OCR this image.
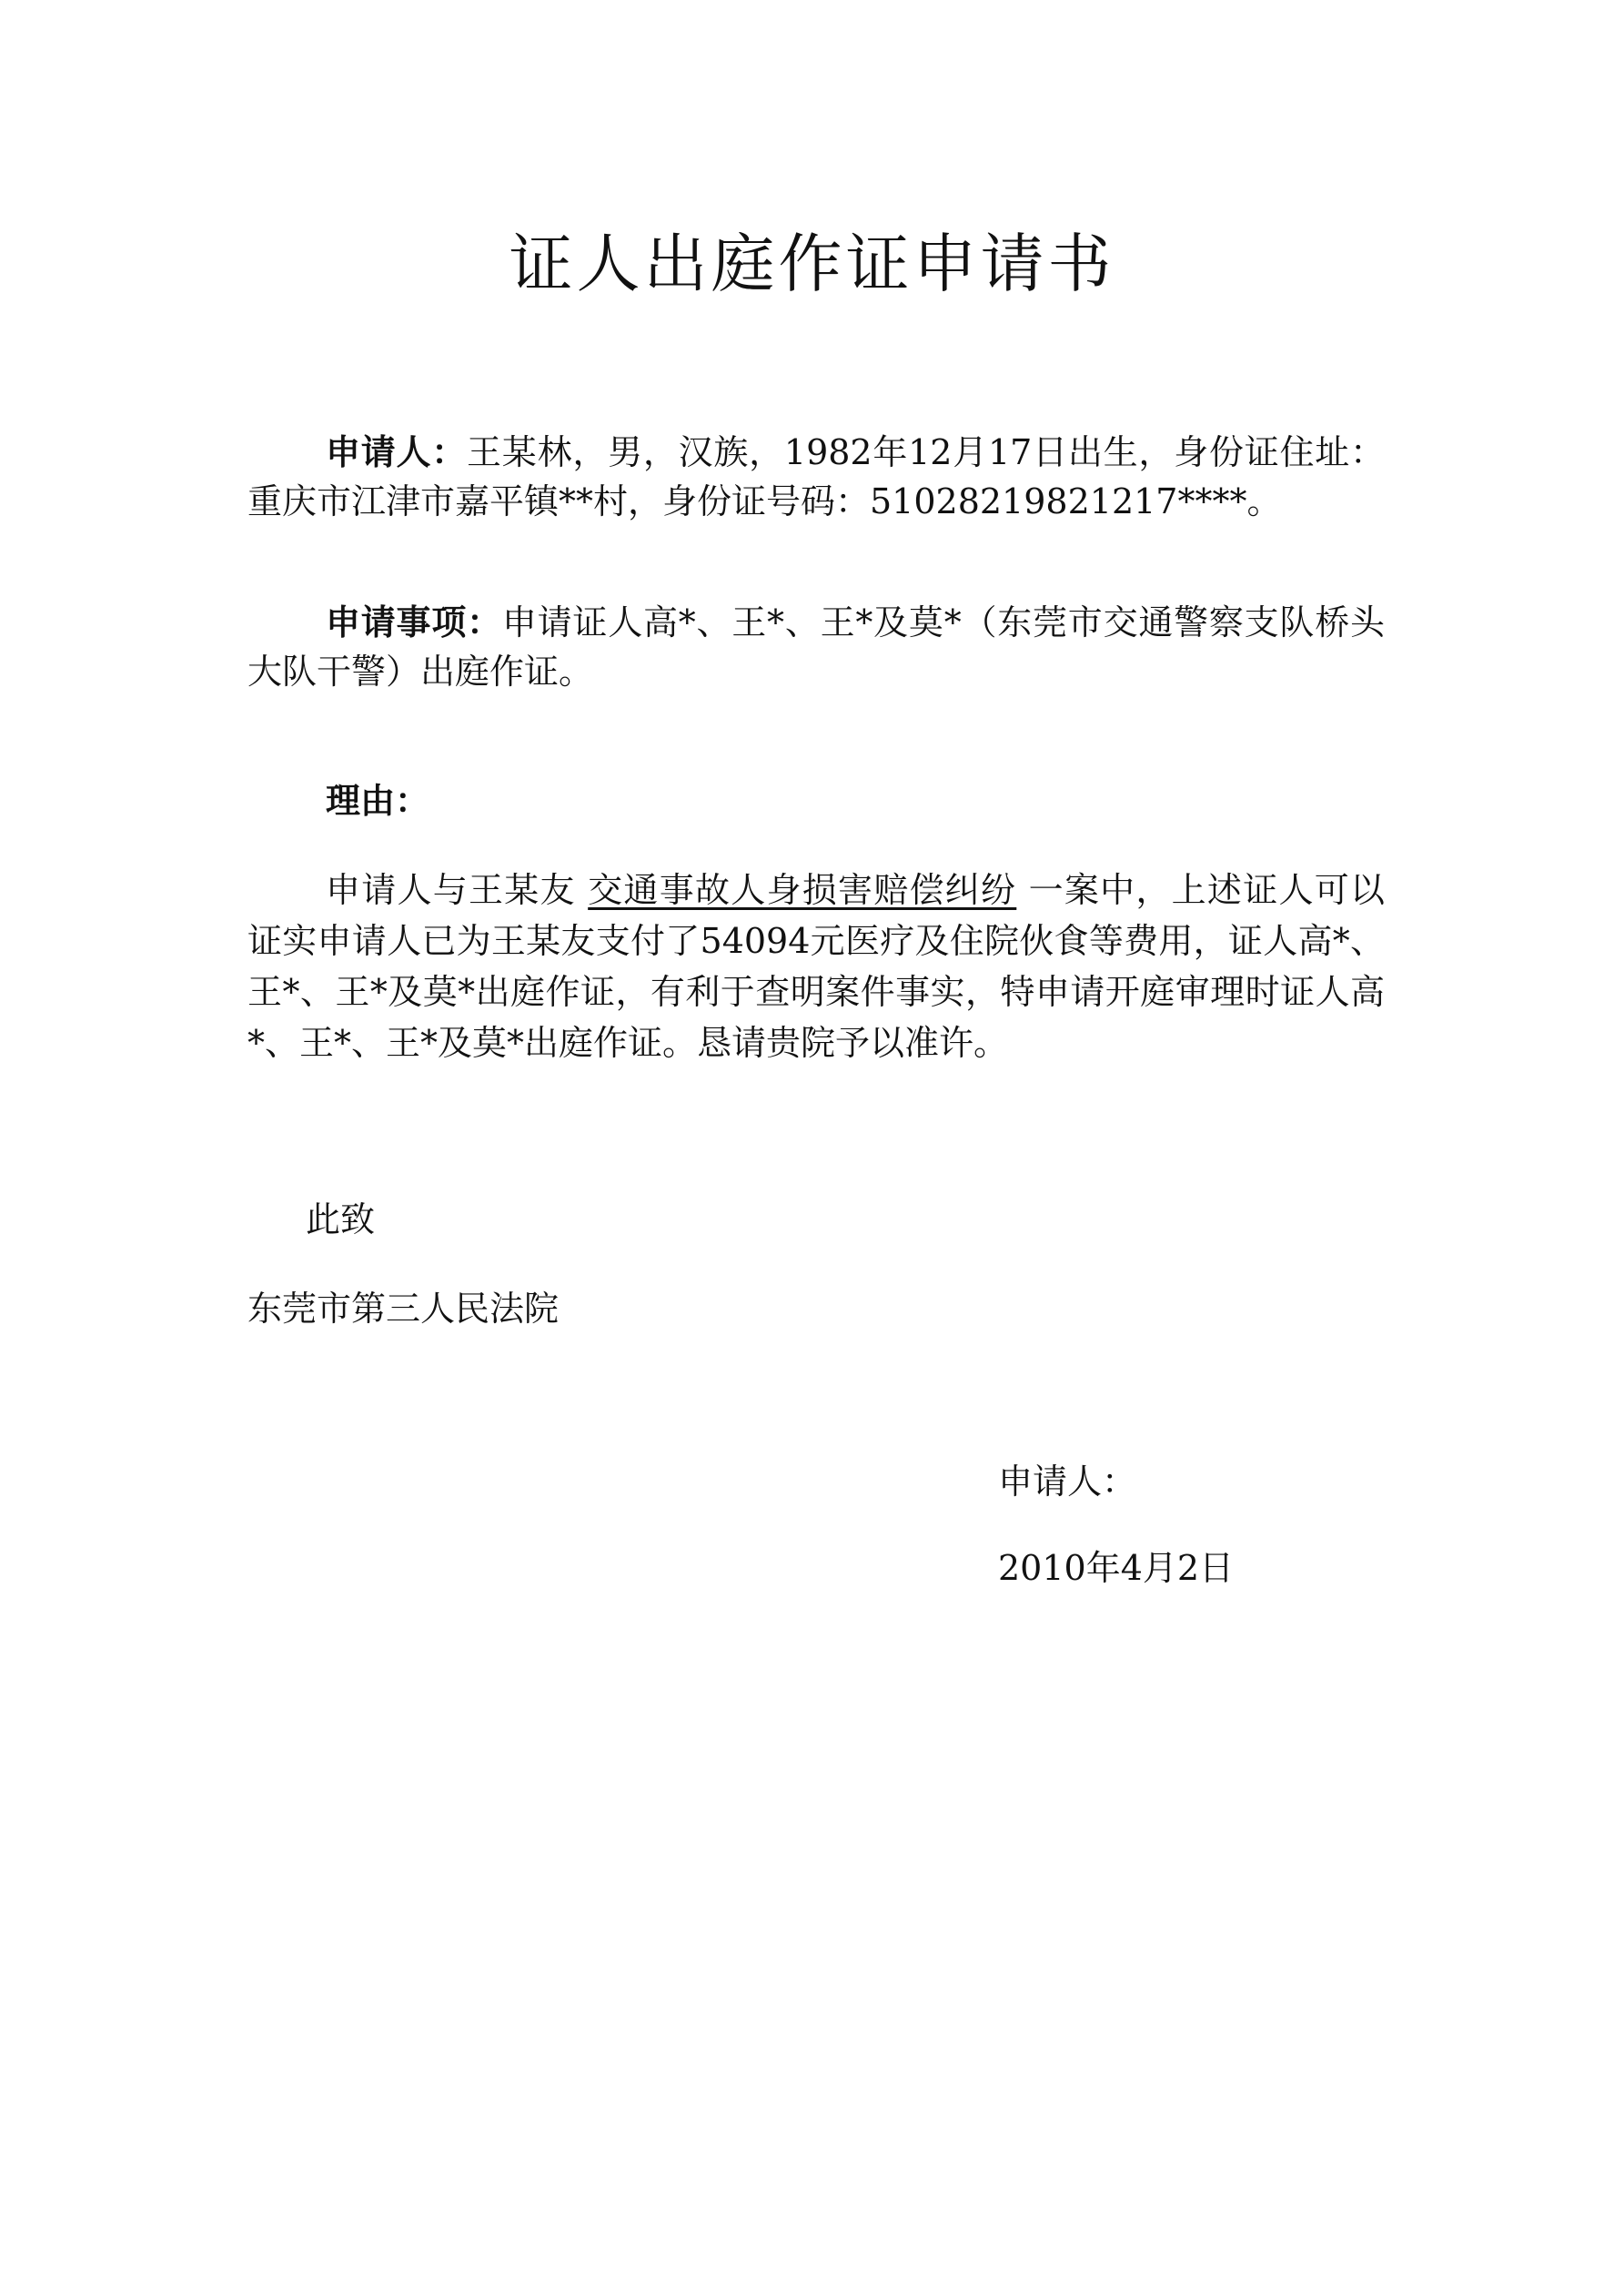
证人出庭作证申请书

申请人：王某林，男，汉族，1982年12月17日出生，身份证住址：重庆市江津市嘉平镇**村，身份证号码：51028219821217****。

申请事项：申请证人高*、王*、王*及莫*（东莞市交通警察支队桥头大队干警）出庭作证。

理由：

申请人与王某友 交通事故人身损害赔偿纠纷 一案中，上述证人可以证实申请人已为王某友支付了54094元医疗及住院伙食等费用，证人高*、王*、王*及莫*出庭作证，有利于查明案件事实，特申请开庭审理时证人高*、王*、王*及莫*出庭作证。恳请贵院予以准许。

此致
东莞市第三人民法院
申请人：
2010年4月2日
